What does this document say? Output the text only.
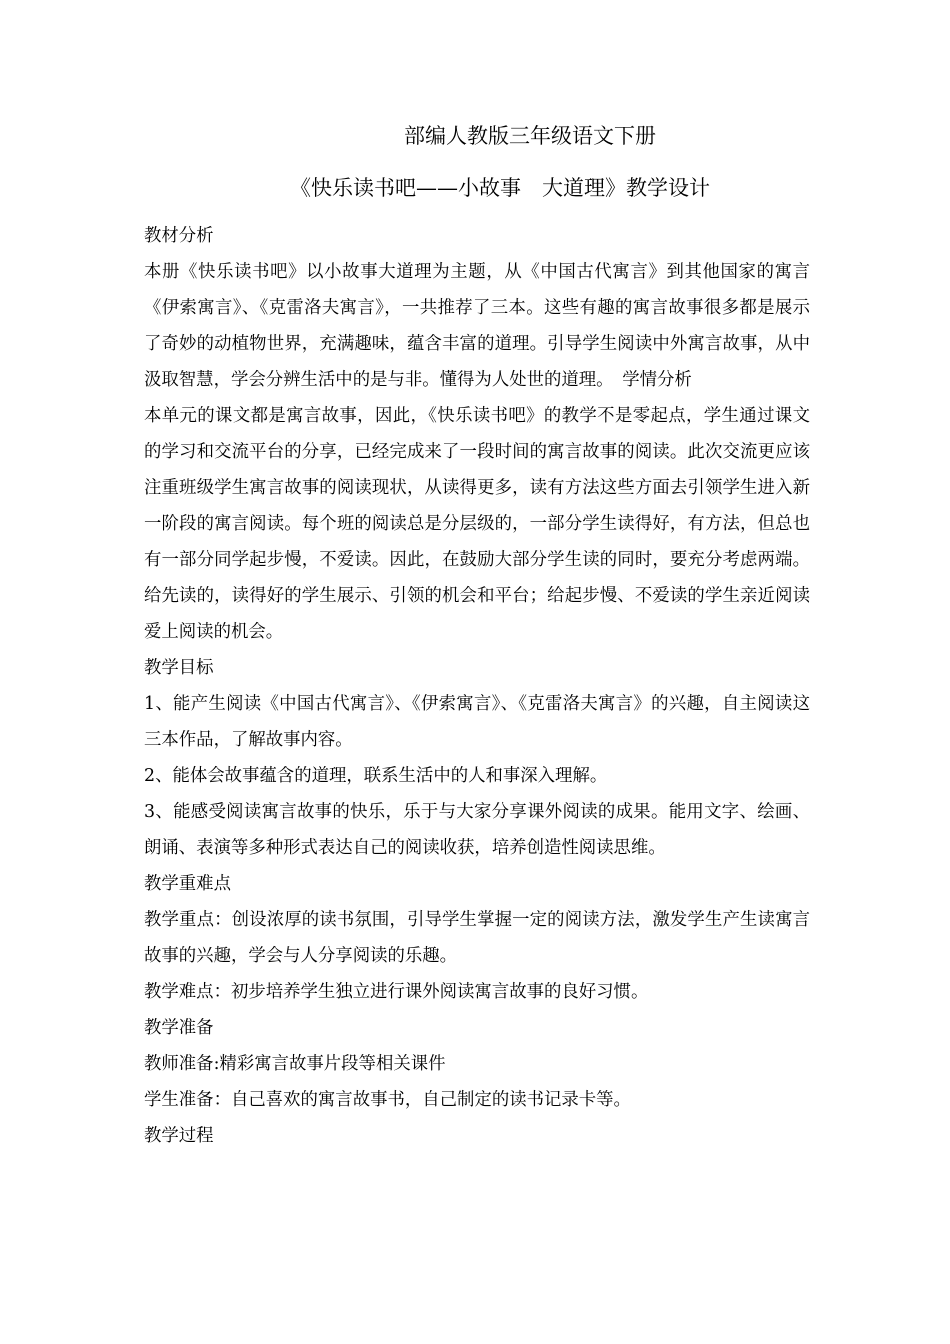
部编人教版三年级语文下册
《快乐读书吧——小故事　大道理》教学设计

教材分析

本册《快乐读书吧》以小故事大道理为主题，从《中国古代寓言》到其他国家的寓言《伊索寓言》、《克雷洛夫寓言》，一共推荐了三本。这些有趣的寓言故事很多都是展示了奇妙的动植物世界，充满趣味，蕴含丰富的道理。引导学生阅读中外寓言故事，从中汲取智慧，学会分辨生活中的是与非。懂得为人处世的道理。　学情分析

本单元的课文都是寓言故事，因此，《快乐读书吧》的教学不是零起点，学生通过课文的学习和交流平台的分享，已经完成来了一段时间的寓言故事的阅读。此次交流更应该注重班级学生寓言故事的阅读现状，从读得更多，读有方法这些方面去引领学生进入新一阶段的寓言阅读。每个班的阅读总是分层级的，一部分学生读得好，有方法，但总也有一部分同学起步慢，不爱读。因此，在鼓励大部分学生读的同时，要充分考虑两端。给先读的，读得好的学生展示、引领的机会和平台；给起步慢、不爱读的学生亲近阅读爱上阅读的机会。

教学目标

1、能产生阅读《中国古代寓言》、《伊索寓言》、《克雷洛夫寓言》的兴趣，自主阅读这三本作品，了解故事内容。

2、能体会故事蕴含的道理，联系生活中的人和事深入理解。

3、能感受阅读寓言故事的快乐，乐于与大家分享课外阅读的成果。能用文字、绘画、朗诵、表演等多种形式表达自己的阅读收获，培养创造性阅读思维。

教学重难点

教学重点：创设浓厚的读书氛围，引导学生掌握一定的阅读方法，激发学生产生读寓言故事的兴趣，学会与人分享阅读的乐趣。

教学难点：初步培养学生独立进行课外阅读寓言故事的良好习惯。

教学准备

教师准备:精彩寓言故事片段等相关课件

学生准备：自己喜欢的寓言故事书，自己制定的读书记录卡等。

教学过程
